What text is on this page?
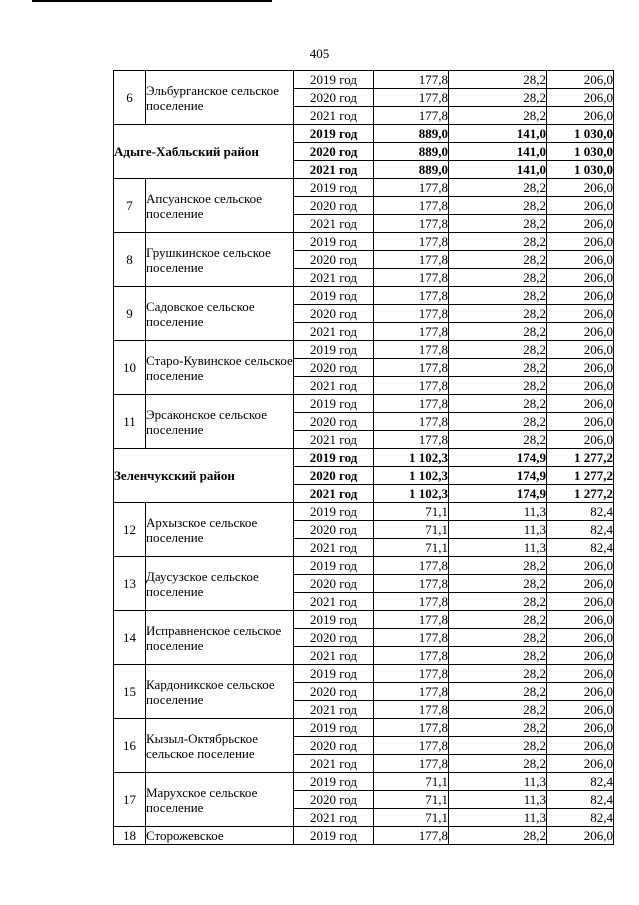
405
6	Эльбурганское сельское поселение	2019 год	177,8	28,2	206,0
		2020 год	177,8	28,2	206,0
		2021 год	177,8	28,2	206,0
Адыге-Хабльский район		2019 год	889,0	141,0	1 030,0
		2020 год	889,0	141,0	1 030,0
		2021 год	889,0	141,0	1 030,0
7	Апсуанское сельское поселение	2019 год	177,8	28,2	206,0
		2020 год	177,8	28,2	206,0
		2021 год	177,8	28,2	206,0
8	Грушкинское сельское поселение	2019 год	177,8	28,2	206,0
		2020 год	177,8	28,2	206,0
		2021 год	177,8	28,2	206,0
9	Садовское сельское поселение	2019 год	177,8	28,2	206,0
		2020 год	177,8	28,2	206,0
		2021 год	177,8	28,2	206,0
10	Старо-Кувинское сельское поселение	2019 год	177,8	28,2	206,0
		2020 год	177,8	28,2	206,0
		2021 год	177,8	28,2	206,0
11	Эрсаконское сельское поселение	2019 год	177,8	28,2	206,0
		2020 год	177,8	28,2	206,0
		2021 год	177,8	28,2	206,0
Зеленчукский район		2019 год	1 102,3	174,9	1 277,2
		2020 год	1 102,3	174,9	1 277,2
		2021 год	1 102,3	174,9	1 277,2
12	Архызское сельское поселение	2019 год	71,1	11,3	82,4
		2020 год	71,1	11,3	82,4
		2021 год	71,1	11,3	82,4
13	Даусузское сельское поселение	2019 год	177,8	28,2	206,0
		2020 год	177,8	28,2	206,0
		2021 год	177,8	28,2	206,0
14	Исправненское сельское поселение	2019 год	177,8	28,2	206,0
		2020 год	177,8	28,2	206,0
		2021 год	177,8	28,2	206,0
15	Кардоникское сельское поселение	2019 год	177,8	28,2	206,0
		2020 год	177,8	28,2	206,0
		2021 год	177,8	28,2	206,0
16	Кызыл-Октябрьское сельское поселение	2019 год	177,8	28,2	206,0
		2020 год	177,8	28,2	206,0
		2021 год	177,8	28,2	206,0
17	Марухское сельское поселение	2019 год	71,1	11,3	82,4
		2020 год	71,1	11,3	82,4
		2021 год	71,1	11,3	82,4
18	Сторожевское	2019 год	177,8	28,2	206,0
